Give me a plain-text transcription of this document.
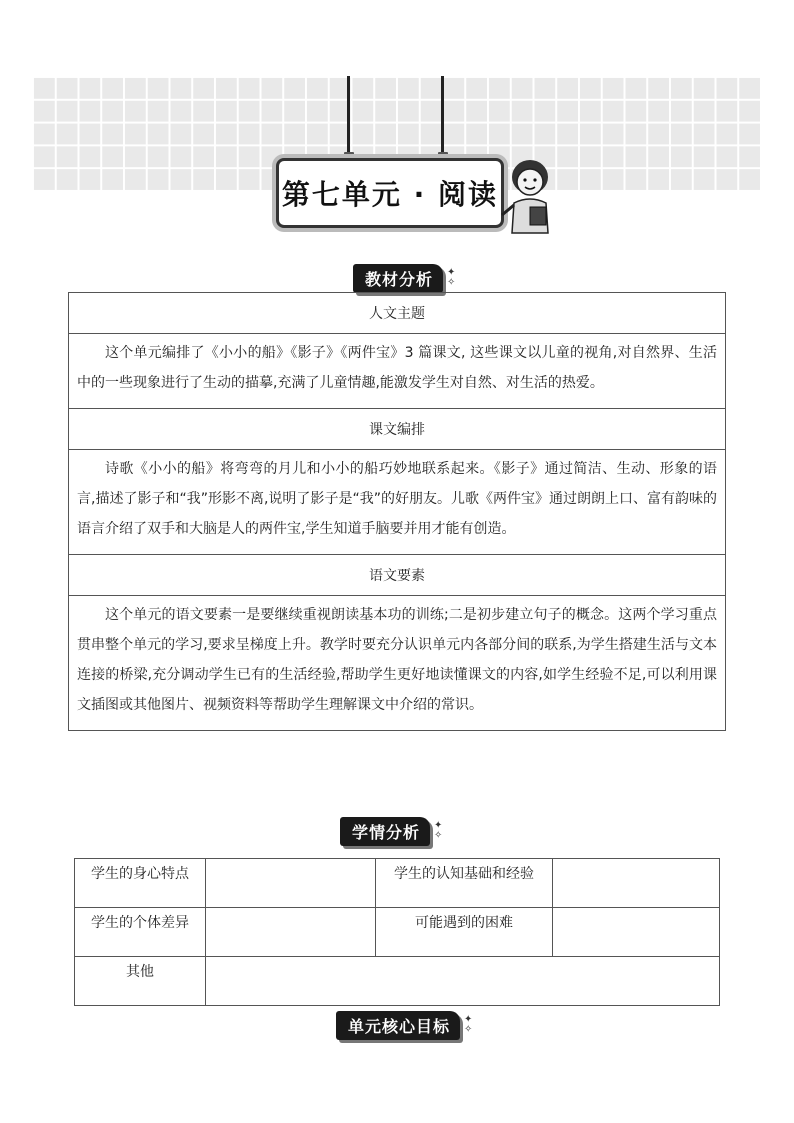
第七单元 · 阅读
教材分析	✦
✧
人文主题
这个单元编排了《小小的船》《影子》《两件宝》3 篇课文, 这些课文以儿童的视角,对自然界、生活中的一些现象进行了生动的描摹,充满了儿童情趣,能激发学生对自然、对生活的热爱。
课文编排
诗歌《小小的船》将弯弯的月儿和小小的船巧妙地联系起来。《影子》通过简洁、生动、形象的语言,描述了影子和“我”形影不离,说明了影子是“我”的好朋友。儿歌《两件宝》通过朗朗上口、富有韵味的语言介绍了双手和大脑是人的两件宝,学生知道手脑要并用才能有创造。
语文要素
这个单元的语文要素一是要继续重视朗读基本功的训练;二是初步建立句子的概念。这两个学习重点贯串整个单元的学习,要求呈梯度上升。教学时要充分认识单元内各部分间的联系,为学生搭建生活与文本连接的桥梁,充分调动学生已有的生活经验,帮助学生更好地读懂课文的内容,如学生经验不足,可以利用课文插图或其他图片、视频资料等帮助学生理解课文中介绍的常识。
学情分析	✦
✧
学生的身心特点		学生的认知基础和经验	
学生的个体差异		可能遇到的困难	
其他			
单元核心目标	✦
✧
